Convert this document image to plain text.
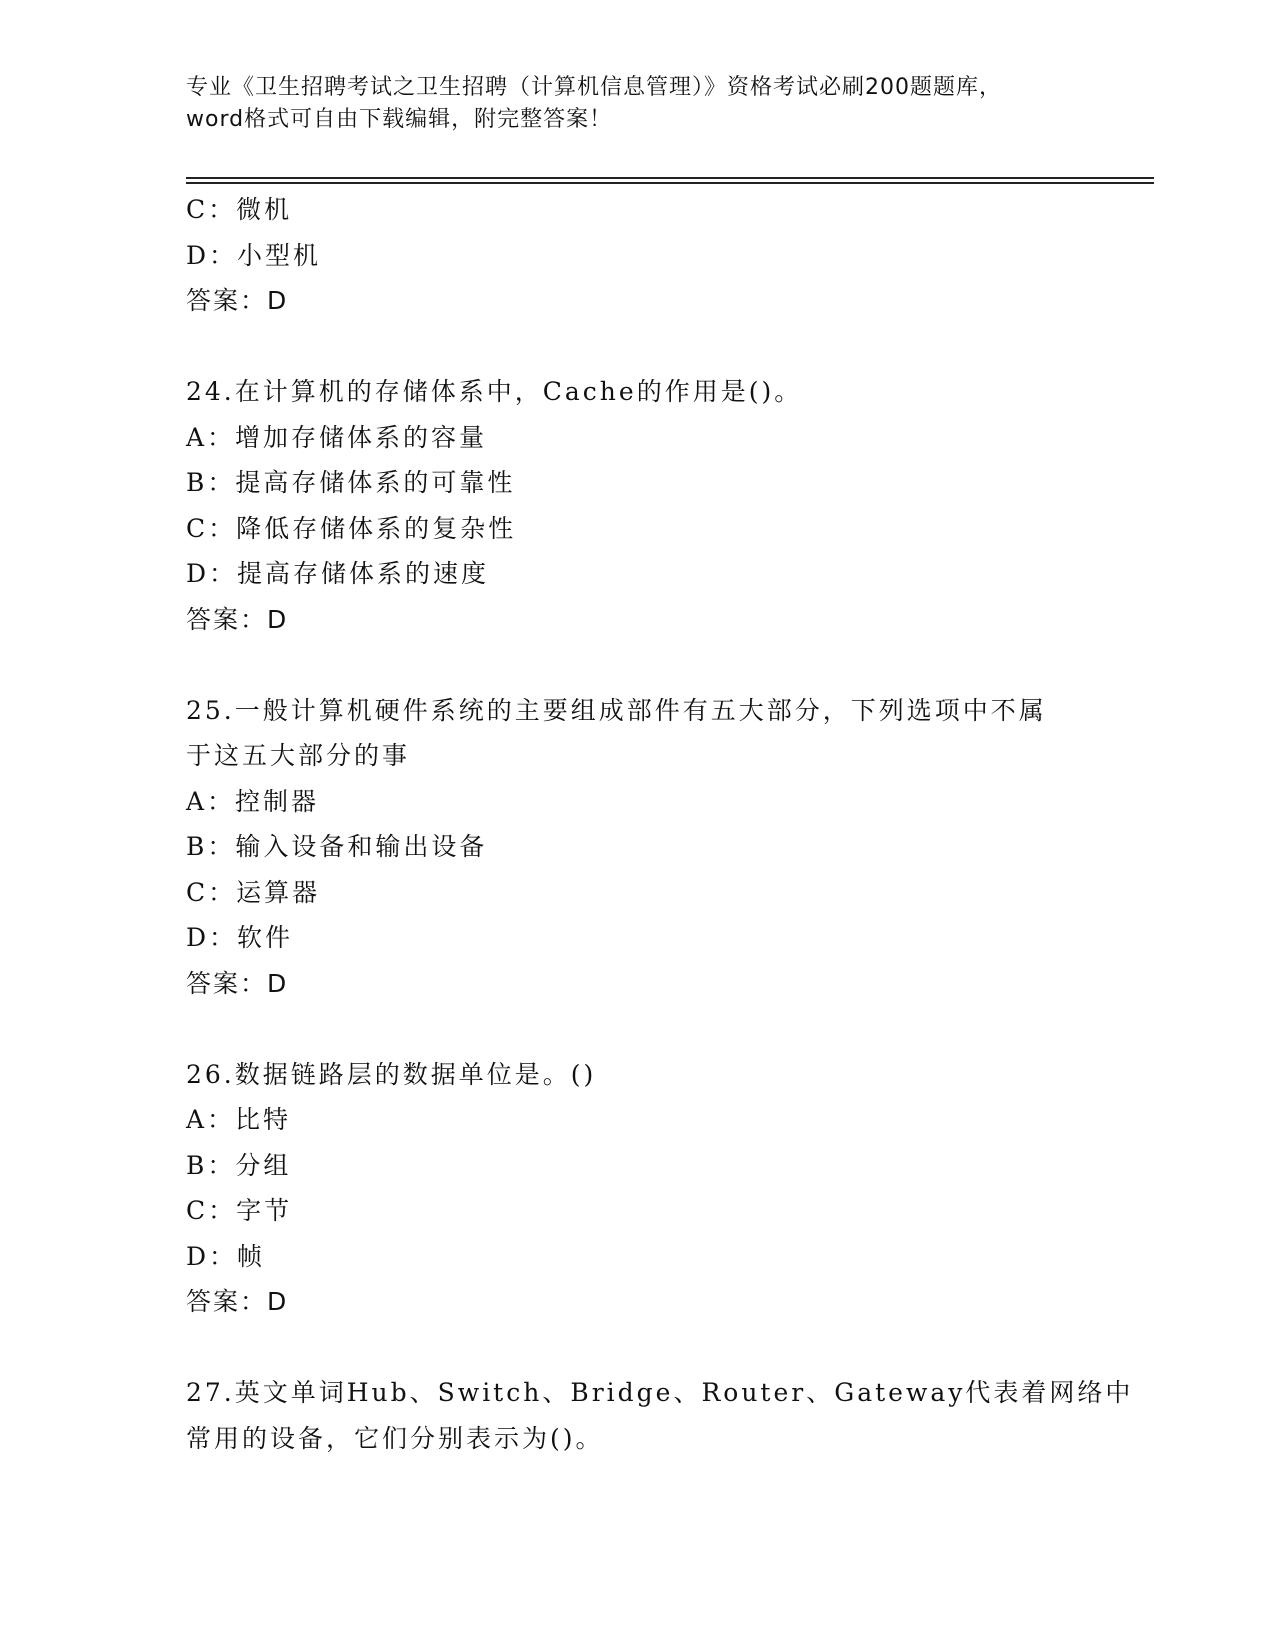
专业《卫生招聘考试之卫生招聘（计算机信息管理）》资格考试必刷200题题库，
word格式可自由下载编辑，附完整答案！
C：微机
D：小型机
答案：D
24.在计算机的存储体系中，Cache的作用是()。
A：增加存储体系的容量
B：提高存储体系的可靠性
C：降低存储体系的复杂性
D：提高存储体系的速度
答案：D
25.一般计算机硬件系统的主要组成部件有五大部分，下列选项中不属
于这五大部分的事
A：控制器
B：输入设备和输出设备
C：运算器
D：软件
答案：D
26.数据链路层的数据单位是。()
A：比特
B：分组
C：字节
D：帧
答案：D
27.英文单词Hub、Switch、Bridge、Router、Gateway代表着网络中
常用的设备，它们分别表示为()。
